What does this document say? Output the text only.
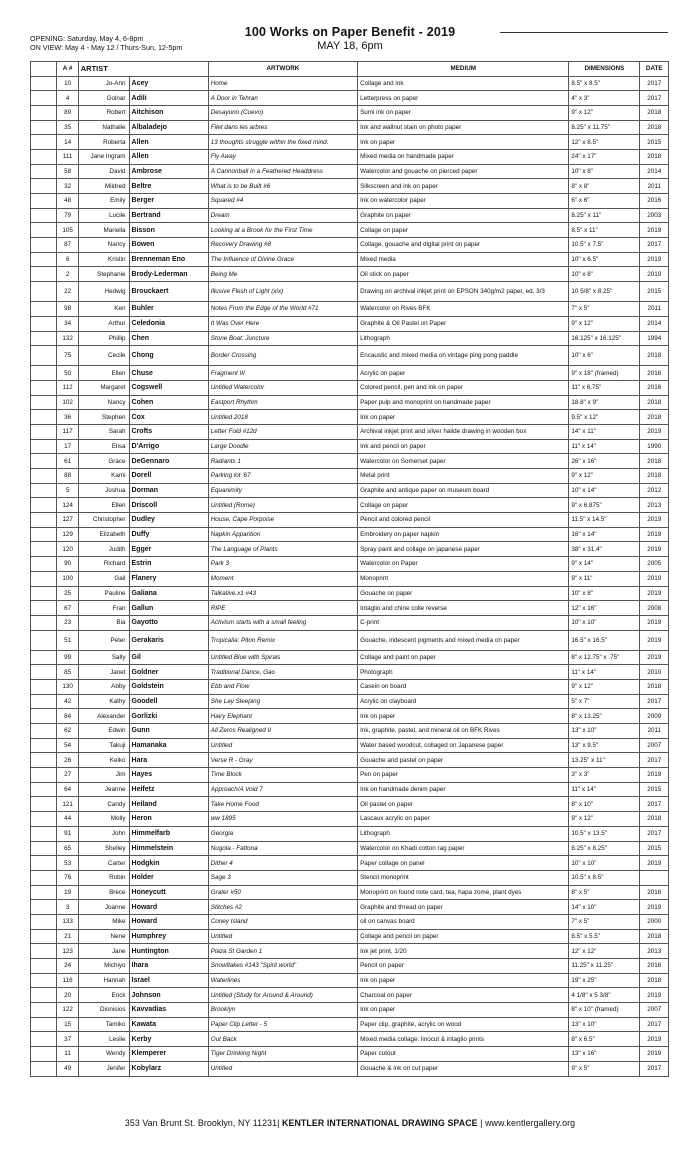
OPENING: Saturday, May 4, 6-8pm
ON VIEW: May 4 - May 12 / Thurs-Sun, 12-5pm
100 Works on Paper Benefit - 2019
MAY 18, 6pm
	A #	ARTIST		ARTWORK	MEDIUM	DIMENSIONS	DATE
	10	Jo-Ann	Acey	Home	Collage and ink	8.5" x 8.5"	2017
	4	Golnar	Adili	A Door in Tehran	Letterpress on paper	4" x 3"	2017
	89	Robert	Aitchison	Desayuno (Cuevo)	Sumi ink on paper	9" x 12"	2018
	35	Nathalie	Albaladejo	Filet dans les arbres	Ink and wallnut stain on photo paper	8.25" x 11.75"	2018
	14	Roberta	Allen	13 thoughts struggle within the fixed mind.	Ink on paper	12" x 8.5"	2015
	111	Jane Ingram	Allen	Fly Away	Mixed media on handmade paper	24" x 17"	2018
	58	David	Ambrose	A Cannonball in a Feathered Headdress	Watercolor and gouache on pierced paper	10" x 8"	2014
	32	Mildred	Beltre	What is to be Built #6	Silkscreen and ink on paper	8" x 8"	2011
	48	Emily	Berger	Squared #4	Ink on watercolor paper	6" x 6"	2016
	79	Lucile	Bertrand	Dream	Graphite on paper	8.25" x 11"	2003
	105	Mariella	Bisson	Looking at a Brook for the First Time	Collage on paper	8.5" x 11"	2019
	87	Nancy	Bowen	Recovery Drawing #8	Collage, gouache and digital print on paper	10.5" x 7.5"	2017
	6	Kristin	Brenneman Eno	The Influence of Divine Grace	Mixed media	10" x 6.5"	2019
	2	Stephanie	Brody-Lederman	Being Me	Oil stick on paper	10" x 8"	2019
	22	Hedwig	Brouckaert	Illusive Flesh of Light (xix)	Drawing on archival inkjet print on EPSON 340g/m2 paper, ed. 3/3	10 5/8" x 8.25"	2015
	98	Ken	Buhler	Notes From the Edge of the World #71	Watercolor on Rives BFK	7" x 5"	2011
	34	Arthur	Celedonia	It Was Over Here	Graphite & Oil Pastel on Paper	9" x 12"	2014
	132	Phillip	Chen	Stone Boat: Juncture	Lithograph	16.125" x 16.125"	1994
	75	Cecile	Chong	Border Crossing	Encaustic and mixed media on vintage ping pong paddle	10" x 6"	2018
	50	Ellen	Chuse	Fragment III	Acrylic on paper	9" x 18" (framed)	2016
	112	Margaret	Cogswell	Untitled Watercolor	Colored pencil, pen and ink on paper	11" x 6.75"	2016
	102	Nancy	Cohen	Eastport Rhythm	Paper pulp and monoprint on handmade paper	18.8" x 9"	2018
	36	Stephen	Cox	Untitled 2018	Ink on paper	9.5" x 12"	2018
	117	Sarah	Crofts	Letter Fold #12d	Archival inkjet print and silver halide drawing in wooden box	14" x 11"	2019
	17	Elisa	D'Arrigo	Large Doodle	Ink and pencil on paper	11" x 14"	1990
	61	Grace	DeGennaro	Radiants 1	Watercolor on Somerset paper	26" x 16"	2018
	88	Kami	Dorell	Parking lot '67	Metal print	9" x 12"	2018
	5	Joshua	Dorman	Equanimity	Graphite and antique paper on museum board	10" x 14"	2012
	124	Ellen	Driscoll	Untitled (Rome)	Collage on paper	9" x 6.875"	2013
	127	Christopher	Dudley	House, Cape Porpoise	Pencil and colored pencil	11.5" x 14.5"	2019
	129	Elizabeth	Duffy	Napkin Apparition	Embroidery on paper napkin	16" x 14"	2019
	120	Judith	Egger	The Language of Plants	Spray paint and collage on japanese paper	38" x 31.4"	2019
	90	Richard	Estrin	Park 3	Watercolor on Paper	9" x 14"	2005
	100	Gail	Flanery	Moment	Monoprint	9" x 11"	2019
	25	Pauline	Galiana	Talkative.x1 #43	Gouache on paper	10" x 8"	2019
	67	Fran	Gallun	RIPE	Intaglio and chine colle reverse	12" x 16"	2008
	23	Bia	Gayotto	Activism starts with a small feeling	C-print	10" x 10"	2019
	51	Peter	Gerakaris	Tropicalia: Piton Remix	Gouache, iridescent pigments and mixed media on paper	16.5" x 16.5"	2019
	99	Sally	Gil	Untitled Blue with Spirals	Collage and paint on paper	8" x 12.75" x .75"	2019
	85	Janet	Goldner	Traditional Dance, Gao	Photograph	11" x 14"	2010
	130	Abby	Goldstein	Ebb and Flow	Casein on board	9" x 12"	2018
	42	Kathy	Goodell	She Lay Sleeping	Acrylic on clayboard	5" x 7"	2017
	84	Alexander	Gorlizki	Hairy Elephant	Ink on paper	8" x 13.25"	2009
	62	Edwin	Gunn	All Zeros Realigned II	Ink, graphite, pastel, and mineral oil on BFK Rives	13" x 10"	2011
	54	Takuji	Hamanaka	Untitled	Water based woodcut, collaged on Japanese paper	13" x 9.5"	2007
	26	Keiko	Hara	Verse R - Gray	Gouache and pastel on paper	13.25" x 11"	2017
	27	Jim	Hayes	Time Block	Pen on paper	3" x 3"	2019
	64	Jeanne	Heifetz	Approach/A Void 7	Ink on handmade denim paper	11" x 14"	2015
	121	Candy	Heiland	Take Home Food	Oil pastel on paper	8" x 10"	2017
	44	Molly	Heron	ww 1895	Lascaux acrylic on paper	9" x 12"	2018
	91	John	Himmelfarb	Georgia	Lithograph	10.5" x 13.5"	2017
	65	Shelley	Himmelstein	Nugola - Fattona	Watercolor on Khadi cotton rag paper	8.25" x 8.25"	2015
	53	Carter	Hodgkin	Dither 4	Paper collage on panel	10" x 10"	2019
	76	Robin	Holder	Sage 3	Stencil monoprint	10.5" x 8.5"	
	19	Brece	Honeycutt	Grater #50	Monoprint on found note card, tea, hapa zome, plant dyes	8" x 5"	2016
	3	Joanne	Howard	Stitches #2	Graphite and thread on paper	14" x 10"	2019
	133	Mike	Howard	Coney Island	oil on canvas board	7" x 5"	2000
	21	Nene	Humphrey	Untitled	Collage and pencil on paper	8.5" x 5.5"	2018
	123	Jane	Huntington	Plaza St Garden 1	Ink jet print, 1/20	12" x 12"	2013
	24	Michiyo	Ihara	Snowflakes #143 "Spirit world"	Pencil on paper	11.25" x 11.25"	2016
	116	Hannah	Israel	Waterlines	Ink on paper	19" x 25"	2018
	20	Erick	Johnson	Untitled (Study for Around & Around)	Charcoal on paper	4 1/8" x 5 3/8"	2019
	122	Dionisios	Kavvadias	Brooklyn	Ink on paper	8" x 10" (framed)	2007
	15	Tamiko	Kawata	Paper Clip Letter - 5	Paper clip, graphite, acrylic on wood	13" x 10"	2017
	37	Leslie	Kerby	Out Back	Mixed media collage: linocut & intaglio prints	8" x 6.5"	2019
	11	Wendy	Klemperer	Tiger Drinking Night	Paper cutout	13" x 16"	2019
	49	Jenifer	Kobylarz	Untitled	Gouache & ink on cut paper	9" x 5"	2017
353 Van Brunt St. Brooklyn, NY 11231| KENTLER INTERNATIONAL DRAWING SPACE | www.kentlergallery.org
